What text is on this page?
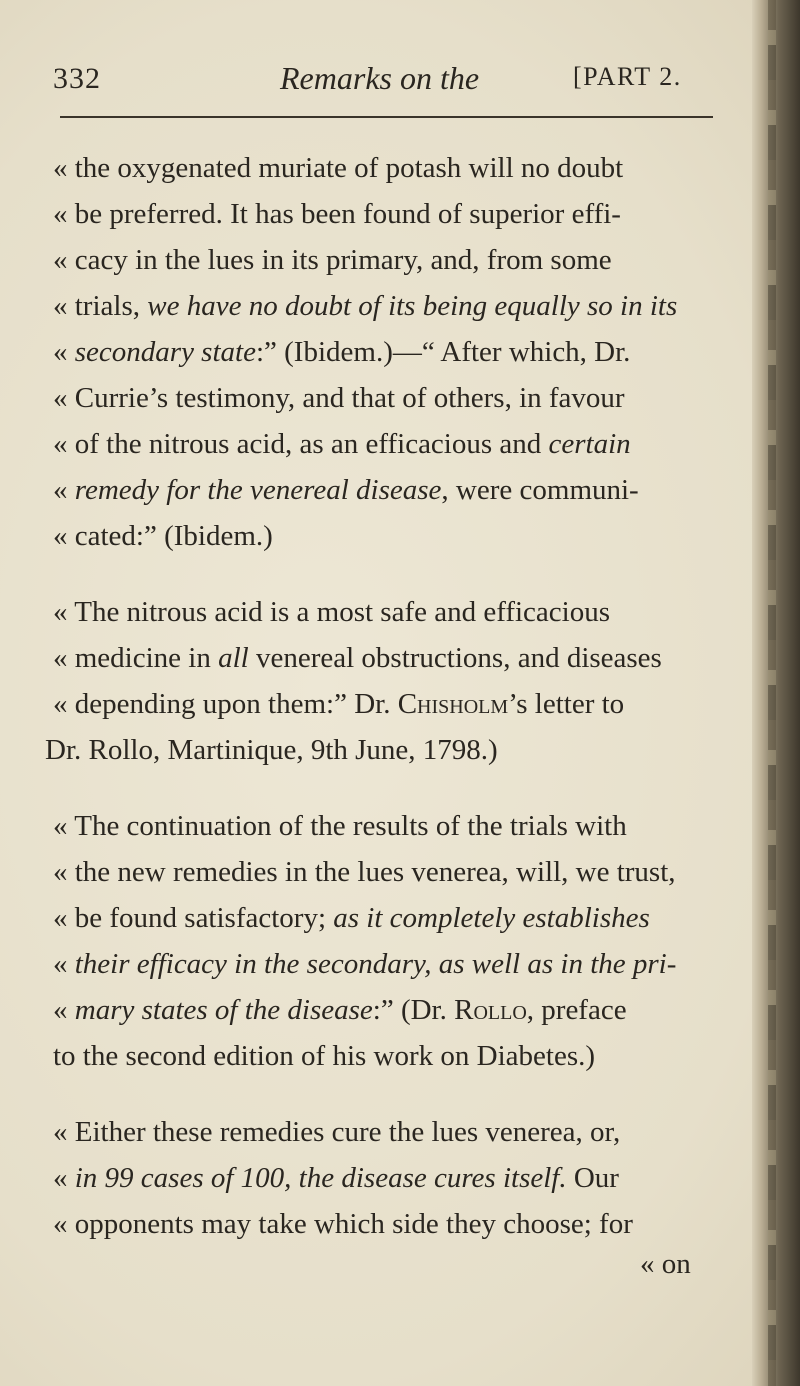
332	Remarks on the	[PART 2.
« the oxygenated muriate of potash will no doubt
« be preferred. It has been found of superior effi-
« cacy in the lues in its primary, and, from some
« trials, we have no doubt of its being equally so in its
« secondary state:” (Ibidem.)—“ After which, Dr.
« Currie’s testimony, and that of others, in favour
« of the nitrous acid, as an efficacious and certain
« remedy for the venereal disease, were communi-
« cated:” (Ibidem.)
« The nitrous acid is a most safe and efficacious
« medicine in all venereal obstructions, and diseases
« depending upon them:” Dr. Chisholm’s letter to
Dr. Rollo, Martinique, 9th June, 1798.)
« The continuation of the results of the trials with
« the new remedies in the lues venerea, will, we trust,
« be found satisfactory; as it completely establishes
« their efficacy in the secondary, as well as in the pri-
« mary states of the disease:” (Dr. Rollo, preface
to the second edition of his work on Diabetes.)
« Either these remedies cure the lues venerea, or,
« in 99 cases of 100, the disease cures itself. Our
« opponents may take which side they choose; for
« on
